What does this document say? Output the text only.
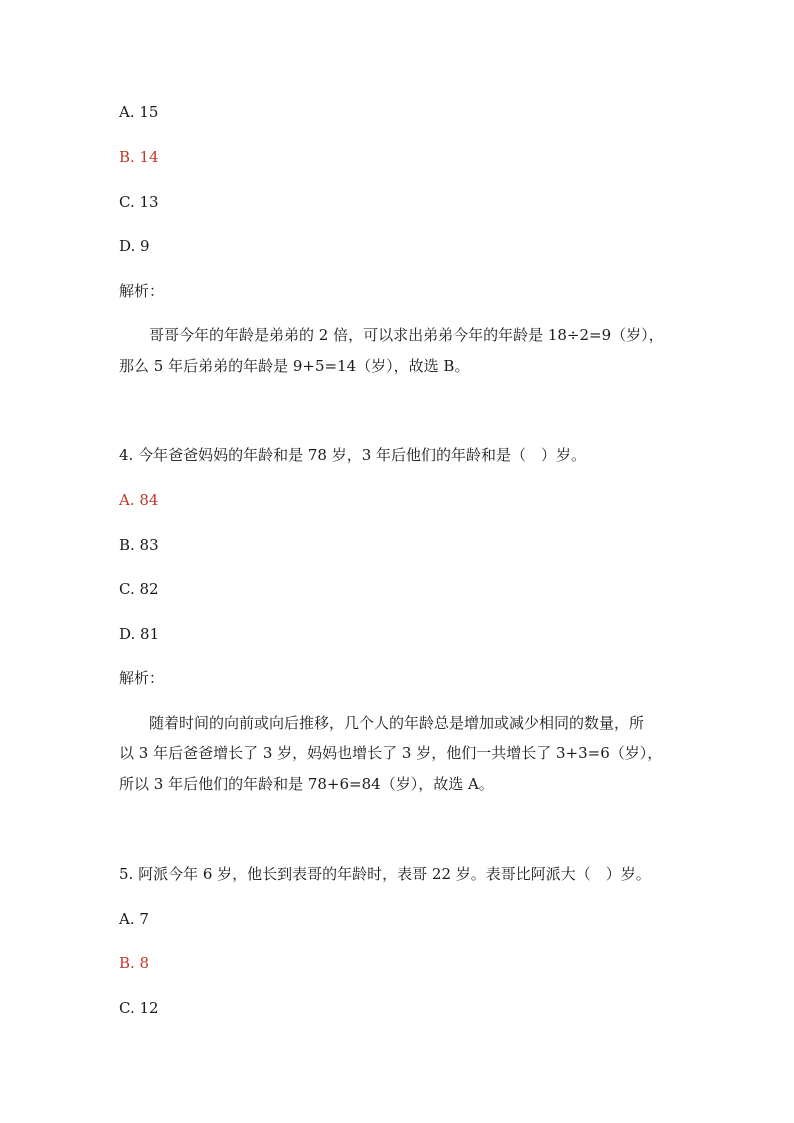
A. 15
B. 14
C. 13
D. 9
解析：
哥哥今年的年龄是弟弟的 2 倍，可以求出弟弟今年的年龄是 18÷2=9（岁），
那么 5 年后弟弟的年龄是 9+5=14（岁），故选 B。
4. 今年爸爸妈妈的年龄和是 78 岁，3 年后他们的年龄和是（　）岁。
A. 84
B. 83
C. 82
D. 81
解析：
随着时间的向前或向后推移，几个人的年龄总是增加或减少相同的数量，所
以 3 年后爸爸增长了 3 岁，妈妈也增长了 3 岁，他们一共增长了 3+3=6（岁），
所以 3 年后他们的年龄和是 78+6=84（岁），故选 A。
5. 阿派今年 6 岁，他长到表哥的年龄时，表哥 22 岁。表哥比阿派大（　）岁。
A. 7
B. 8
C. 12
